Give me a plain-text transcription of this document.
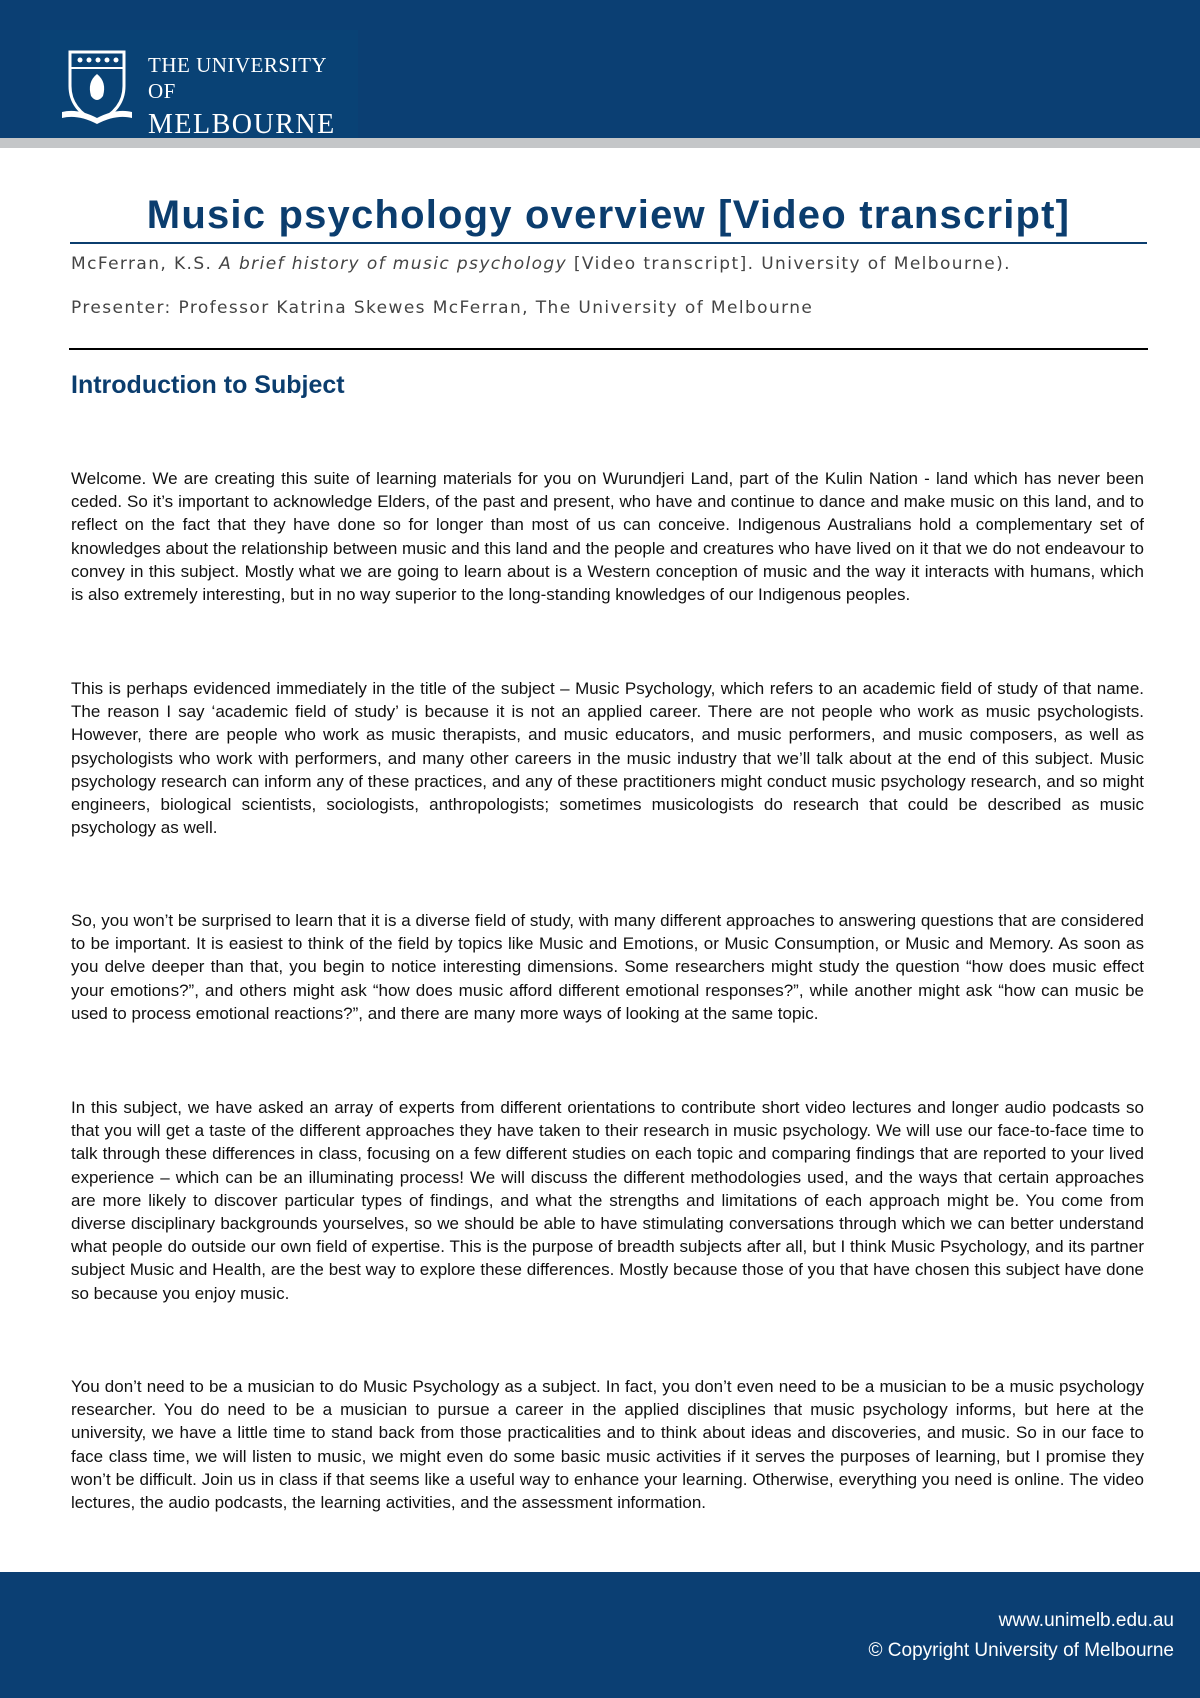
THE UNIVERSITY OF
MELBOURNE
Music psychology overview [Video transcript]
McFerran, K.S. A brief history of music psychology [Video transcript]. University of Melbourne).
Presenter: Professor Katrina Skewes McFerran, The University of Melbourne
Introduction to Subject

Welcome. We are creating this suite of learning materials for you on Wurundjeri Land, part of the Kulin Nation - land which has never been ceded. So it’s important to acknowledge Elders, of the past and present, who have and continue to dance and make music on this land, and to reflect on the fact that they have done so for longer than most of us can conceive. Indigenous Australians hold a complementary set of knowledges about the relationship between music and this land and the people and creatures who have lived on it that we do not endeavour to convey in this subject. Mostly what we are going to learn about is a Western conception of music and the way it interacts with humans, which is also extremely interesting, but in no way superior to the long-standing knowledges of our Indigenous peoples.

This is perhaps evidenced immediately in the title of the subject – Music Psychology, which refers to an academic field of study of that name. The reason I say ‘academic field of study’ is because it is not an applied career. There are not people who work as music psychologists. However, there are people who work as music therapists, and music educators, and music performers, and music composers, as well as psychologists who work with performers, and many other careers in the music industry that we’ll talk about at the end of this subject. Music psychology research can inform any of these practices, and any of these practitioners might conduct music psychology research, and so might engineers, biological scientists, sociologists, anthropologists; sometimes musicologists do research that could be described as music psychology as well.

So, you won’t be surprised to learn that it is a diverse field of study, with many different approaches to answering questions that are considered to be important. It is easiest to think of the field by topics like Music and Emotions, or Music Consumption, or Music and Memory. As soon as you delve deeper than that, you begin to notice interesting dimensions. Some researchers might study the question “how does music effect your emotions?”, and others might ask “how does music afford different emotional responses?”, while another might ask “how can music be used to process emotional reactions?”, and there are many more ways of looking at the same topic.

In this subject, we have asked an array of experts from different orientations to contribute short video lectures and longer audio podcasts so that you will get a taste of the different approaches they have taken to their research in music psychology. We will use our face-to-face time to talk through these differences in class, focusing on a few different studies on each topic and comparing findings that are reported to your lived experience – which can be an illuminating process! We will discuss the different methodologies used, and the ways that certain approaches are more likely to discover particular types of findings, and what the strengths and limitations of each approach might be. You come from diverse disciplinary backgrounds yourselves, so we should be able to have stimulating conversations through which we can better understand what people do outside our own field of expertise. This is the purpose of breadth subjects after all, but I think Music Psychology, and its partner subject Music and Health, are the best way to explore these differences. Mostly because those of you that have chosen this subject have done so because you enjoy music.

You don’t need to be a musician to do Music Psychology as a subject. In fact, you don’t even need to be a musician to be a music psychology researcher. You do need to be a musician to pursue a career in the applied disciplines that music psychology informs, but here at the university, we have a little time to stand back from those practicalities and to think about ideas and discoveries, and music. So in our face to face class time, we will listen to music, we might even do some basic music activities if it serves the purposes of learning, but I promise they won’t be difficult. Join us in class if that seems like a useful way to enhance your learning. Otherwise, everything you need is online. The video lectures, the audio podcasts, the learning activities, and the assessment information.

www.unimelb.edu.au
© Copyright University of Melbourne
